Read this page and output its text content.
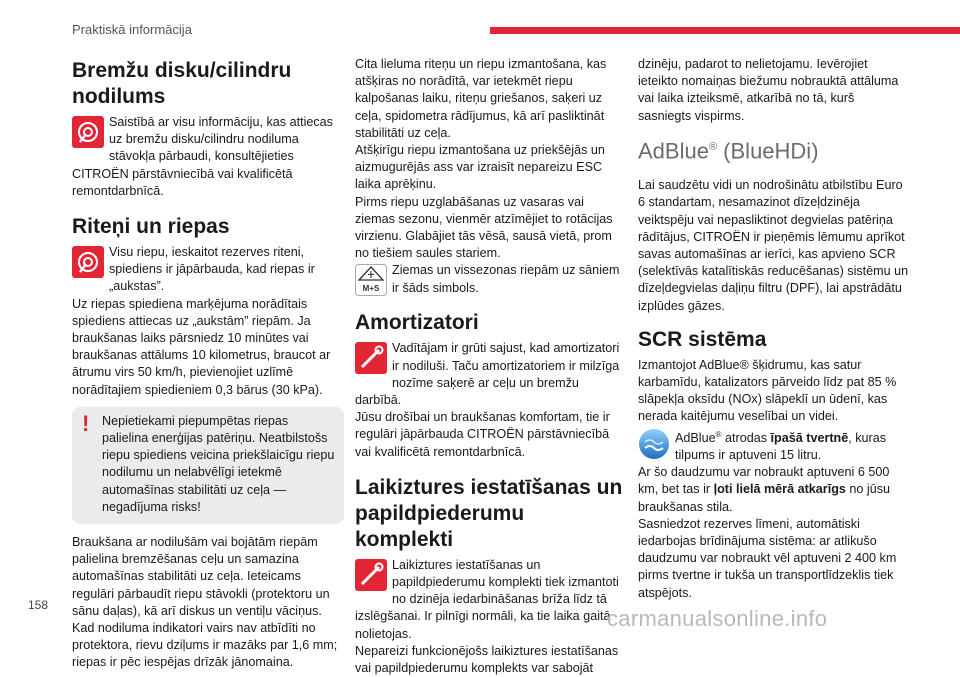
Praktiskā informācija
Bremžu disku/cilindru nodilums

Saistībā ar visu informāciju, kas attiecas uz bremžu disku/cilindru nodiluma stāvokļa pārbaudi, konsultējieties CITROËN pārstāvniecībā vai kvalificētā remontdarbnīcā.

Riteņi un riepas

Visu riepu, ieskaitot rezerves riteni, spiediens ir jāpārbauda, kad riepas ir „aukstas”.

Uz riepas spiediena marķējuma norādītais spiediens attiecas uz „aukstām” riepām. Ja braukšanas laiks pārsniedz 10 minūtes vai braukšanas attālums 10 kilometrus, braucot ar ātrumu virs 50 km/h, pievienojiet uzlīmē norādītajiem spiedieniem 0,3 bārus (30 kPa).

! Nepietiekami piepumpētas riepas palielina enerģijas patēriņu. Neatbilstošs riepu spiediens veicina priekšlaicīgu riepu nodilumu un nelabvēlīgi ietekmē automašīnas stabilitāti uz ceļa — negadījuma risks!

Braukšana ar nodilušām vai bojātām riepām palielina bremzēšanas ceļu un samazina automašīnas stabilitāti uz ceļa. Ieteicams regulāri pārbaudīt riepu stāvokli (protektoru un sānu daļas), kā arī diskus un ventiļu vāciņus. Kad nodiluma indikatori vairs nav atbīdīti no protektora, rievu dziļums ir mazāks par 1,6 mm; riepas ir pēc iespējas drīzāk jānomaina.

Cita lieluma riteņu un riepu izmantošana, kas atšķiras no norādītā, var ietekmēt riepu kalpošanas laiku, riteņu griešanos, saķeri uz ceļa, spidometra rādījumus, kā arī pasliktināt stabilitāti uz ceļa.

Atšķirīgu riepu izmantošana uz priekšējās un aizmugurējās ass var izraisīt nepareizu ESC laika aprēķinu.

Pirms riepu uzglabāšanas uz vasaras vai ziemas sezonu, vienmēr atzīmējiet to rotācijas virzienu. Glabājiet tās vēsā, sausā vietā, prom no tiešiem saules stariem.

M+S

Ziemas un vissezonas riepām uz sāniem ir šāds simbols.

Amortizatori

Vadītājam ir grūti sajust, kad amortizatori ir nodiluši. Taču amortizatoriem ir milzīga nozīme saķerē ar ceļu un bremžu darbībā.

Jūsu drošībai un braukšanas komfortam, tie ir regulāri jāpārbauda CITROËN pārstāvniecībā vai kvalificētā remontdarbnīcā.

Laikiztures iestatīšanas un papildpiederumu komplekti

Laikiztures iestatīšanas un papildpiederumu komplekti tiek izmantoti no dzinēja iedarbināšanas brīža līdz tā izslēgšanai. Ir pilnīgi normāli, ka tie laika gaitā nolietojas.

Nepareizi funkcionējošs laikiztures iestatīšanas vai papildpiederumu komplekts var sabojāt

dzinēju, padarot to nelietojamu. Ievērojiet ieteikto nomaiņas biežumu nobrauktā attāluma vai laika izteiksmē, atkarībā no tā, kurš sasniegts vispirms.

AdBlue® (BlueHDi)

Lai saudzētu vidi un nodrošinātu atbilstību Euro 6 standartam, nesamazinot dīzeļdzinēja veiktspēju vai nepasliktinot degvielas patēriņa rādītājus, CITROËN ir pieņēmis lēmumu aprīkot savas automašīnas ar ierīci, kas apvieno SCR (selektīvās katalītiskās reducēšanas) sistēmu un dīzeļdegvielas daļiņu filtru (DPF), lai apstrādātu izplūdes gāzes.

SCR sistēma

Izmantojot AdBlue® šķidrumu, kas satur karbamīdu, katalizators pārveido līdz pat 85 % slāpekļa oksīdu (NOx) slāpeklī un ūdenī, kas nerada kaitējumu veselībai un videi.

AdBlue® atrodas īpašā tvertnē, kuras tilpums ir aptuveni 15 litru.

Ar šo daudzumu var nobraukt aptuveni 6 500 km, bet tas ir ļoti lielā mērā atkarīgs no jūsu braukšanas stila.

Sasniedzot rezerves līmeni, automātiski iedarbojas brīdinājuma sistēma: ar atlikušo daudzumu var nobraukt vēl aptuveni 2 400 km pirms tvertne ir tukša un transportlīdzeklis tiek atspējots.

158
carmanualsonline.info
